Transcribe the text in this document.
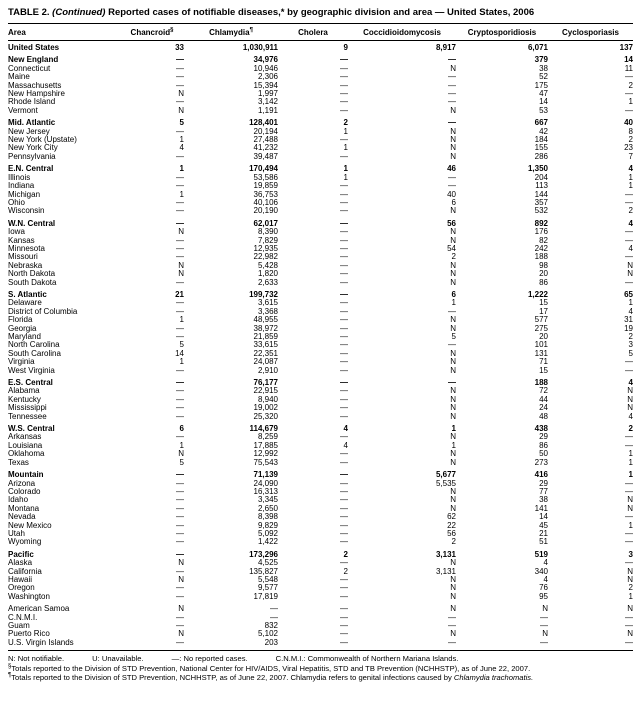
TABLE 2. (Continued) Reported cases of notifiable diseases,* by geographic division and area — United States, 2006
Area	Chancroid§	Chlamydia¶	Cholera	Coccidioidomycosis	Cryptosporidiosis	Cyclosporiasis
United States	33	1,030,911	9	8,917	6,071	137
New England	—	34,976	—	—	379	14
Connecticut	—	10,946	—	N	38	11
Maine	—	2,306	—	—	52	—
Massachusetts	—	15,394	—	—	175	2
New Hampshire	N	1,997	—	—	47	—
Rhode Island	—	3,142	—	—	14	1
Vermont	N	1,191	—	N	53	—
Mid. Atlantic	5	128,401	2	—	667	40
New Jersey	—	20,194	1	N	42	8
New York (Upstate)	1	27,488	—	N	184	2
New York City	4	41,232	1	N	155	23
Pennsylvania	—	39,487	—	N	286	7
E.N. Central	1	170,494	1	46	1,350	4
Illinois	—	53,586	1	—	204	1
Indiana	—	19,859	—	—	113	1
Michigan	1	36,753	—	40	144	—
Ohio	—	40,106	—	6	357	—
Wisconsin	—	20,190	—	N	532	2
W.N. Central	—	62,017	—	56	892	4
Iowa	N	8,390	—	N	176	—
Kansas	—	7,829	—	N	82	—
Minnesota	—	12,935	—	54	242	4
Missouri	—	22,982	—	2	188	—
Nebraska	N	5,428	—	N	98	N
North Dakota	N	1,820	—	N	20	N
South Dakota	—	2,633	—	N	86	—
S. Atlantic	21	199,732	—	6	1,222	65
Delaware	—	3,615	—	1	15	1
District of Columbia	—	3,368	—	—	17	4
Florida	1	48,955	—	N	577	31
Georgia	—	38,972	—	N	275	19
Maryland	—	21,859	—	5	20	2
North Carolina	5	33,615	—	—	101	3
South Carolina	14	22,351	—	N	131	5
Virginia	1	24,087	—	N	71	—
West Virginia	—	2,910	—	N	15	—
E.S. Central	—	76,177	—	—	188	4
Alabama	—	22,915	—	N	72	N
Kentucky	—	8,940	—	N	44	N
Mississippi	—	19,002	—	N	24	N
Tennessee	—	25,320	—	N	48	4
W.S. Central	6	114,679	4	1	438	2
Arkansas	—	8,259	—	N	29	—
Louisiana	1	17,885	4	1	86	—
Oklahoma	N	12,992	—	N	50	1
Texas	5	75,543	—	N	273	1
Mountain	—	71,139	—	5,677	416	1
Arizona	—	24,090	—	5,535	29	—
Colorado	—	16,313	—	N	77	—
Idaho	—	3,345	—	N	38	N
Montana	—	2,650	—	N	141	N
Nevada	—	8,398	—	62	14	—
New Mexico	—	9,829	—	22	45	1
Utah	—	5,092	—	56	21	—
Wyoming	—	1,422	—	2	51	—
Pacific	—	173,296	2	3,131	519	3
Alaska	N	4,525	—	N	4	—
California	—	135,827	2	3,131	340	N
Hawaii	N	5,548	—	N	4	N
Oregon	—	9,577	—	N	76	2
Washington	—	17,819	—	N	95	1
American Samoa	N	—	—	N	N	N
C.N.M.I.	—	—	—	—	—	—
Guam	—	832	—	—	—	—
Puerto Rico	N	5,102	—	N	N	N
U.S. Virgin Islands	—	203	—	—	—	—
N: Not notifiable.	U: Unavailable.	—: No reported cases.	C.N.M.I.: Commonwealth of Northern Mariana Islands.
§Totals reported to the Division of STD Prevention, National Center for HIV/AIDS, Viral Hepatitis, STD and TB Prevention (NCHHSTP), as of June 22, 2007.
¶Totals reported to the Division of STD Prevention, NCHHSTP, as of June 22, 2007. Chlamydia refers to genital infections caused by Chlamydia trachomatis.
